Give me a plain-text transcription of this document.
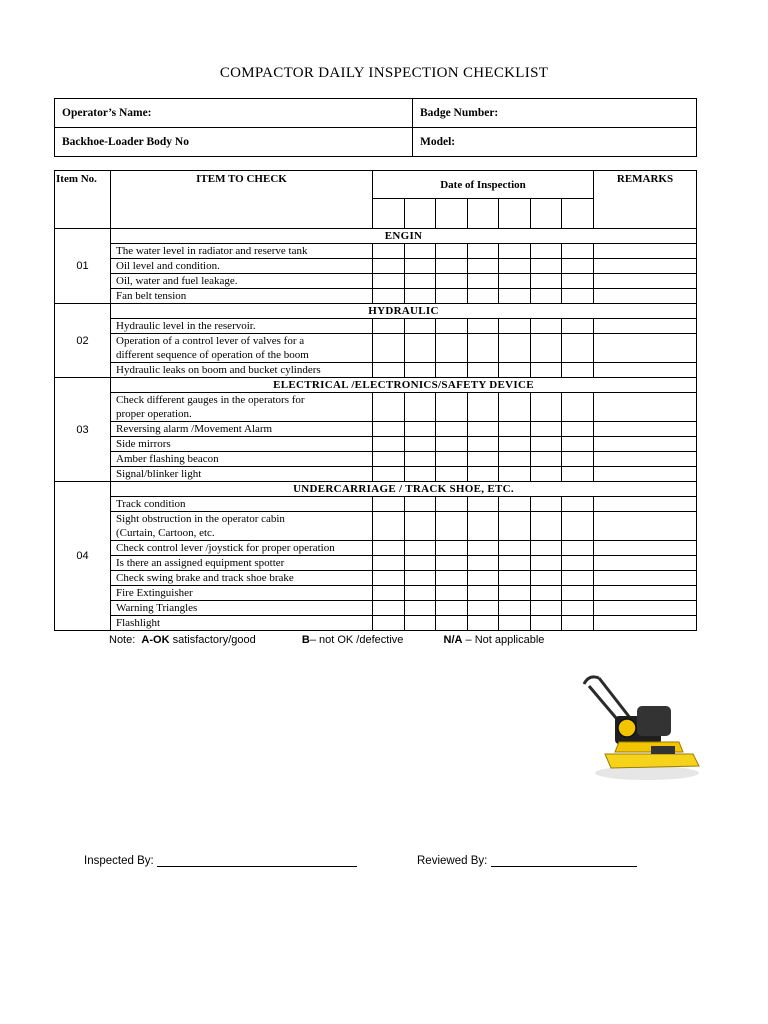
COMPACTOR DAILY INSPECTION CHECKLIST
Operator’s Name:	Badge Number:
Backhoe-Loader Body No	Model:
Item No.	ITEM TO CHECK	Date of Inspection							REMARKS

01	ENGIN								
	The water level in radiator and reserve tank								
	Oil level and condition.								
	Oil, water and fuel leakage.								
	Fan belt tension								
02	HYDRAULIC								
	Hydraulic level in the reservoir.								
	Operation of a control lever of valves for a
different sequence of operation of the boom								
	Hydraulic leaks on boom and bucket cylinders								
03	ELECTRICAL /ELECTRONICS/SAFETY DEVICE								
	Check different gauges in the operators for
proper operation.								
	Reversing alarm /Movement Alarm								
	Side mirrors								
	Amber flashing beacon								
	Signal/blinker light								
04	UNDERCARRIAGE / TRACK SHOE, ETC.								
	Track condition								
	Sight obstruction in the operator cabin
(Curtain, Cartoon, etc.								
	Check control lever /joystick for proper operation								
	Is there an assigned equipment spotter								
	Check swing brake and track shoe brake								
	Fire Extinguisher								
	Warning Triangles								
	Flashlight								
Note: A-OK satisfactory/good	B– not OK /defective	N/A – Not applicable
Inspected By:	Reviewed By:
